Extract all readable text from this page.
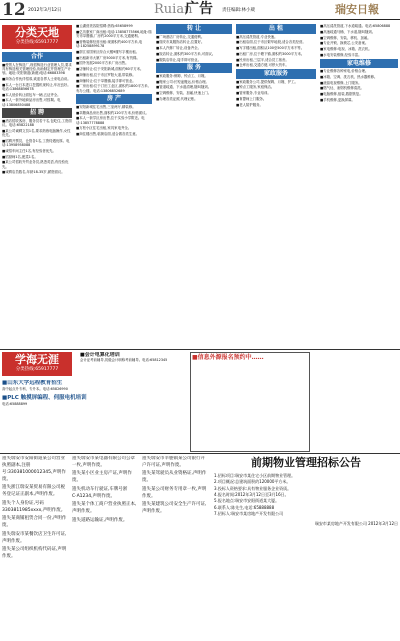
12 2012年3月12日	Ruian
广告 责任编辑:林小葳	瑞安日報
分类天地
分类热线:65917777
合作
■俊景人在铸造厂,现招铸造行业管理人员,要求具有铸造相关管理经验,协助制定并管理生产计划。地址:安阳街道(新港)电话:66883398
■商务合作伙伴招募,欢迎各界人士来电洽谈。
■本人一台日本进口挖掘机现转让,车况良好。电话:13868856678
■本人低价转让面包车一辆,五证齐全。
■本人一套外地商品房出售,可按揭。电话:13806850488
招 聘
■酒店招收客房、服务员若干名,包吃住,工资面议。电话:65822188
■某公司诚聘文员1名,要求熟练电脑操作,女性优先。
■招聘开票员、仓管各1名,工资待遇优厚。电话:13958958088
■诚招车间主任1名,有经验者优先。
■招厨师1名,配菜1名。
■某公司招收外贸业务员,熟悉英语,有经验优先。
■诚聘店员数名,年龄18-35岁,薪资面议。
■云湖营美容院招聘:热线:65658999
■亿坊康家厂商出租:电话:13858775566,地址:瑞安市莘塍镇,厂房约2000平方米,交通便利。
■营销装修经营出租:现面积约400平方米,电话:18258899178
■浙江省国家区综合大楼9楼写字楼出租。
■出租新市大厦厂房5000平方米,有货梯。
■国外发展2000平方米厂房出售。
■店铺转让:位于安阳新城,面积约60平方米。
■商铺出租,位于市区罗阳大道,带装修。
■商铺转让:位于莘塍镇,接手即可营业。
■厂房出租:位于汀田工业区,面积约1800平方米,有办公楼。电话:13806852689
房 产
■安阳新城住宅出售,三室两厅,精装修。
■莘塍商品房出售,面积约120平方米,价格面议。
■本人一套学区房出售,位于实验小学附近。电话:13857778888
■万松小区住宅出租,家具家电齐全。
■商住楼出售,临街店面,适合做各类生意。
转 让
■广场酒店厂房转让,交通便利。
■瑞安市某服饰店转让,位置好。
■本人汽修厂转让,设备齐全。
■饭店转让,面积约300平方米,可面议。
■服装店转让,接手即可营业。
服 务
■家政服务:保姆、钟点工、月嫂。
■搬家公司:长短途搬运,价格合理。
■管道疏通、下水道清理,随叫随到。
■空调维修、安装、加氟,快速上门。
■办理各类证照,代理记账。
出 租
■高压清洗管道,专业快速。
■出租店面,位于市区繁华地段,适合各类经营。
■写字楼出租,面积从100至500平方米不等。
■出租厂房,位于塘下镇,面积约3000平方米。
■民房出租,三层半,适合员工宿舍。
■仓库出租,交通方便,可停大货车。
家政服务
■家政服务公司,提供保姆、月嫂、护工。
■钟点工服务,家庭保洁。
■管家服务,专业培训。
■育婴师上门服务。
■老人陪护服务。
■高压清洗管道,下水道疏通。电话:65806888
■高速疏通马桶、下水道,随叫随到。
■空调维修、安装、移机、加氟。
■专业开锁、换锁芯,公安备案。
■家电维修:电视、冰箱、洗衣机。
■水电安装维修,经验丰富。
家电维修
■专业维修各种家电,价格合理。
■冰箱、空调、洗衣机、热水器维修。
■液晶电视维修,上门服务。
■燃气灶、油烟机维修清洗。
■电脑维修,组装,数据恢复。
■手机维修,更换屏幕。
学海无涯
分类热线:65917777
■山东大学远程教育招生
高中起点升专科、专升本。电话:65826990
■PLC 触摸屏编程、伺服电机培训
电话:65888899
■会计电算化培训
会计证考前辅导,初级会计职称考前辅导。电话:65812345	■信息外源报名预约中……
遗失瑞安市安阳街道某公司营业执照副本,注册号:330381000012345,声明作废。
遗失浙江瑞安某贸易有限公司税务登记证正副本,声明作废。
遗失个人身份证,号码3303811985xxxx,声明作废。
遗失某商铺租赁合同一份,声明作废。
遗失瑞安市某餐饮店卫生许可证,声明作废。
遗失某公司组织机构代码证,声明作废。
遗失瑞安市某电器有限公司公章一枚,声明作废。
遗失某小区业主房产证,声明作废。
遗失机动车行驶证,车牌号浙C·A1234,声明作废。
遗失某个体工商户营业执照正本,声明作废。
遗失道路运输证,声明作废。
遗失瑞安市莘塍镇某公司银行开户许可证,声明作废。
遗失某驾驶员从业资格证,声明作废。
遗失某公司财务专用章一枚,声明作废。
遗失某建筑公司安全生产许可证,声明作废。
前期物业管理招标公告
1.招标项目:瑞安市某住宅小区前期物业管理。
2.项目概况:总建筑面积约120000平方米。
3.投标人资格要求:具有物业服务企业资质。
4.报名时间:2012年3月12日至3月16日。
5.报名地点:瑞安市安阳街道某大厦。
6.联系人:陈先生,电话:65888888
7.招标人:瑞安市某房地产开发有限公司
瑞安市某房地产开发有限公司 2012年3月12日
